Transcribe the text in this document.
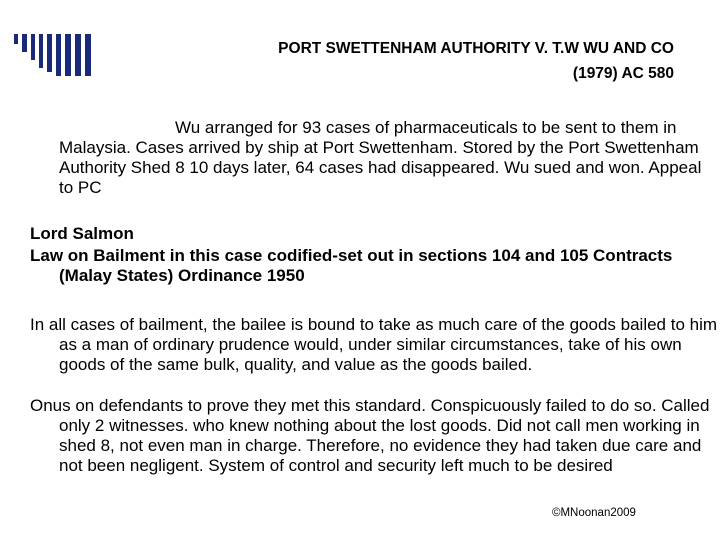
PORT SWETTENHAM AUTHORITY V. T.W WU AND CO
(1979) AC 580

Wu arranged for 93 cases of pharmaceuticals to be sent to them in Malaysia. Cases arrived by ship at Port Swettenham. Stored by the Port Swettenham Authority Shed 8 10 days later, 64 cases had disappeared. Wu sued and won. Appeal to PC

Lord Salmon

Law on Bailment in this case codified-set out in sections 104 and 105 Contracts (Malay States) Ordinance 1950

In all cases of bailment, the bailee is bound to take as much care of the goods bailed to him as a man of ordinary prudence would, under similar circumstances, take of his own goods of the same bulk, quality, and value as the goods bailed.

Onus on defendants to prove they met this standard. Conspicuously failed to do so. Called only 2 witnesses. who knew nothing about the lost goods. Did not call men working in shed 8, not even man in charge. Therefore, no evidence they had taken due care and not been negligent. System of control and security left much to be desired

©MNoonan2009
